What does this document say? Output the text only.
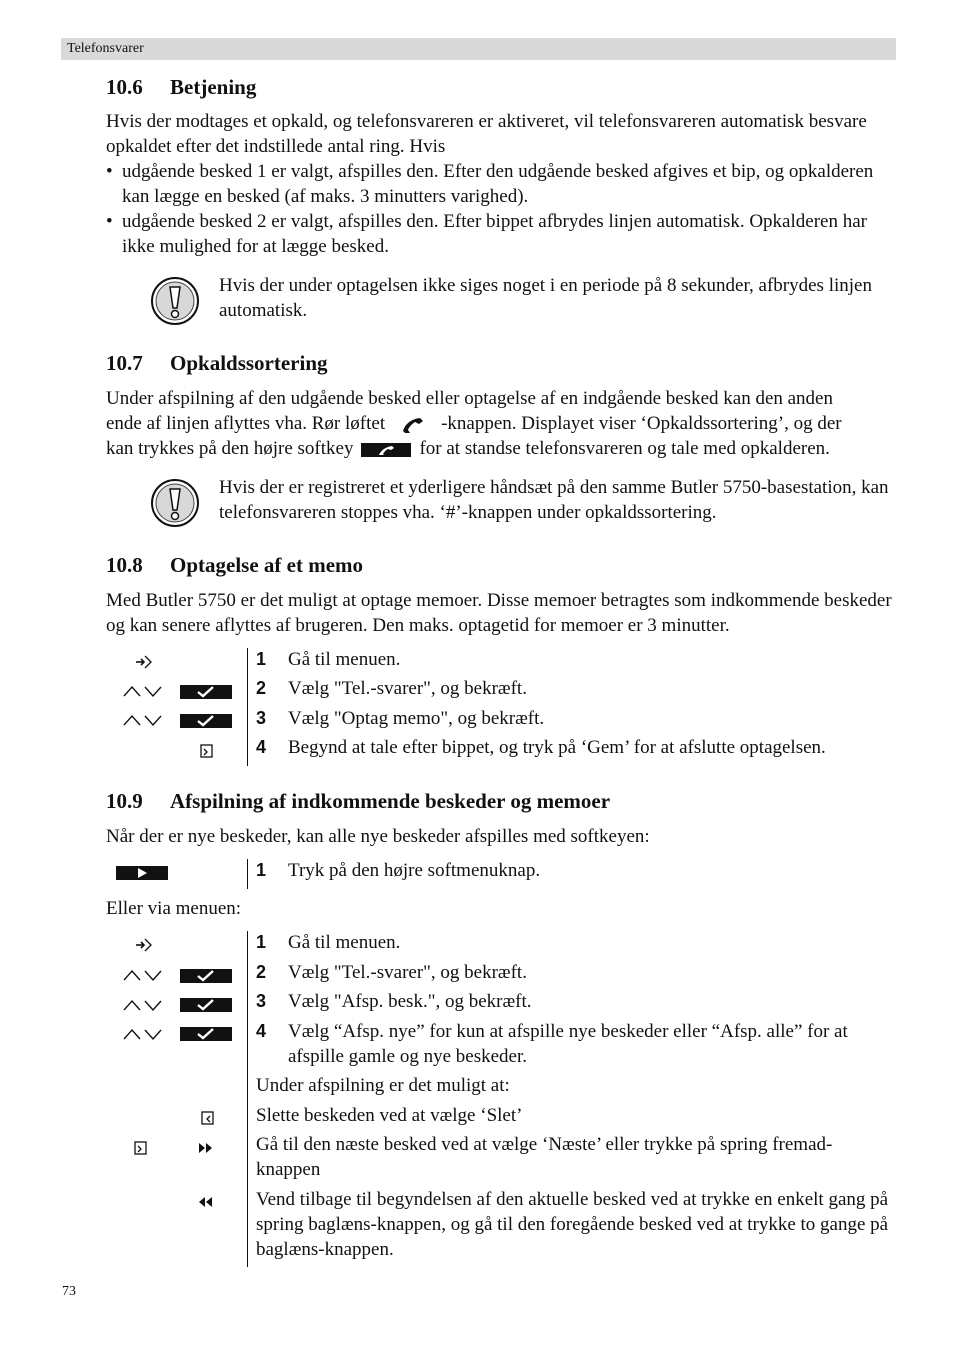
Telefonsvarer
10.6 Betjening

Hvis der modtages et opkald, og telefonsvareren er aktiveret, vil telefonsvareren automatisk besvare opkaldet efter det indstillede antal ring. Hvis

• udgående besked 1 er valgt, afspilles den. Efter den udgående besked afgives et bip, og opkalderen kan lægge en besked (af maks. 3 minutters varighed).
• udgående besked 2 er valgt, afspilles den. Efter bippet afbrydes linjen automatisk. Opkalderen har ikke mulighed for at lægge besked.

Hvis der under optagelsen ikke siges noget i en periode på 8 sekunder, afbrydes linjen automatisk.

10.7 Opkaldssortering
Under afspilning af den udgående besked eller optagelse af en indgående besked kan den anden
ende af linjen aflyttes vha. Rør løftet	-knappen. Displayet viser ‘Opkaldssortering’, og der
kan trykkes på den højre softkey	for at standse telefonsvareren og tale med opkalderen.

Hvis der er registreret et yderligere håndsæt på den samme Butler 5750-basestation, kan telefonsvareren stoppes vha. ‘#’-knappen under opkaldssortering.

10.8 Optagelse af et memo

Med Butler 5750 er det muligt at optage memoer. Disse memoer betragtes som indkommende beskeder og kan senere aflyttes af brugeren. Den maks. optagetid for memoer er 3 minutter.

1 Gå til menuen.
2 Vælg "Tel.-svarer", og bekræft.
3 Vælg "Optag memo", og bekræft.
4 Begynd at tale efter bippet, og tryk på ‘Gem’ for at afslutte optagelsen.
10.9 Afspilning af indkommende beskeder og memoer

Når der er nye beskeder, kan alle nye beskeder afspilles med softkeyen:

1 Tryk på den højre softmenuknap.

Eller via menuen:

1 Gå til menuen.
2 Vælg "Tel.-svarer", og bekræft.
3 Vælg "Afsp. besk.", og bekræft.
4 Vælg “Afsp. nye” for kun at afspille nye beskeder eller “Afsp. alle” for at afspille gamle og nye beskeder.
Under afspilning er det muligt at:
Slette beskeden ved at vælge ‘Slet’
Gå til den næste besked ved at vælge ‘Næste’ eller trykke på spring fremad-knappen
Vend tilbage til begyndelsen af den aktuelle besked ved at trykke en enkelt gang på spring baglæns-knappen, og gå til den foregående besked ved at trykke to gange på baglæns-knappen.
73
